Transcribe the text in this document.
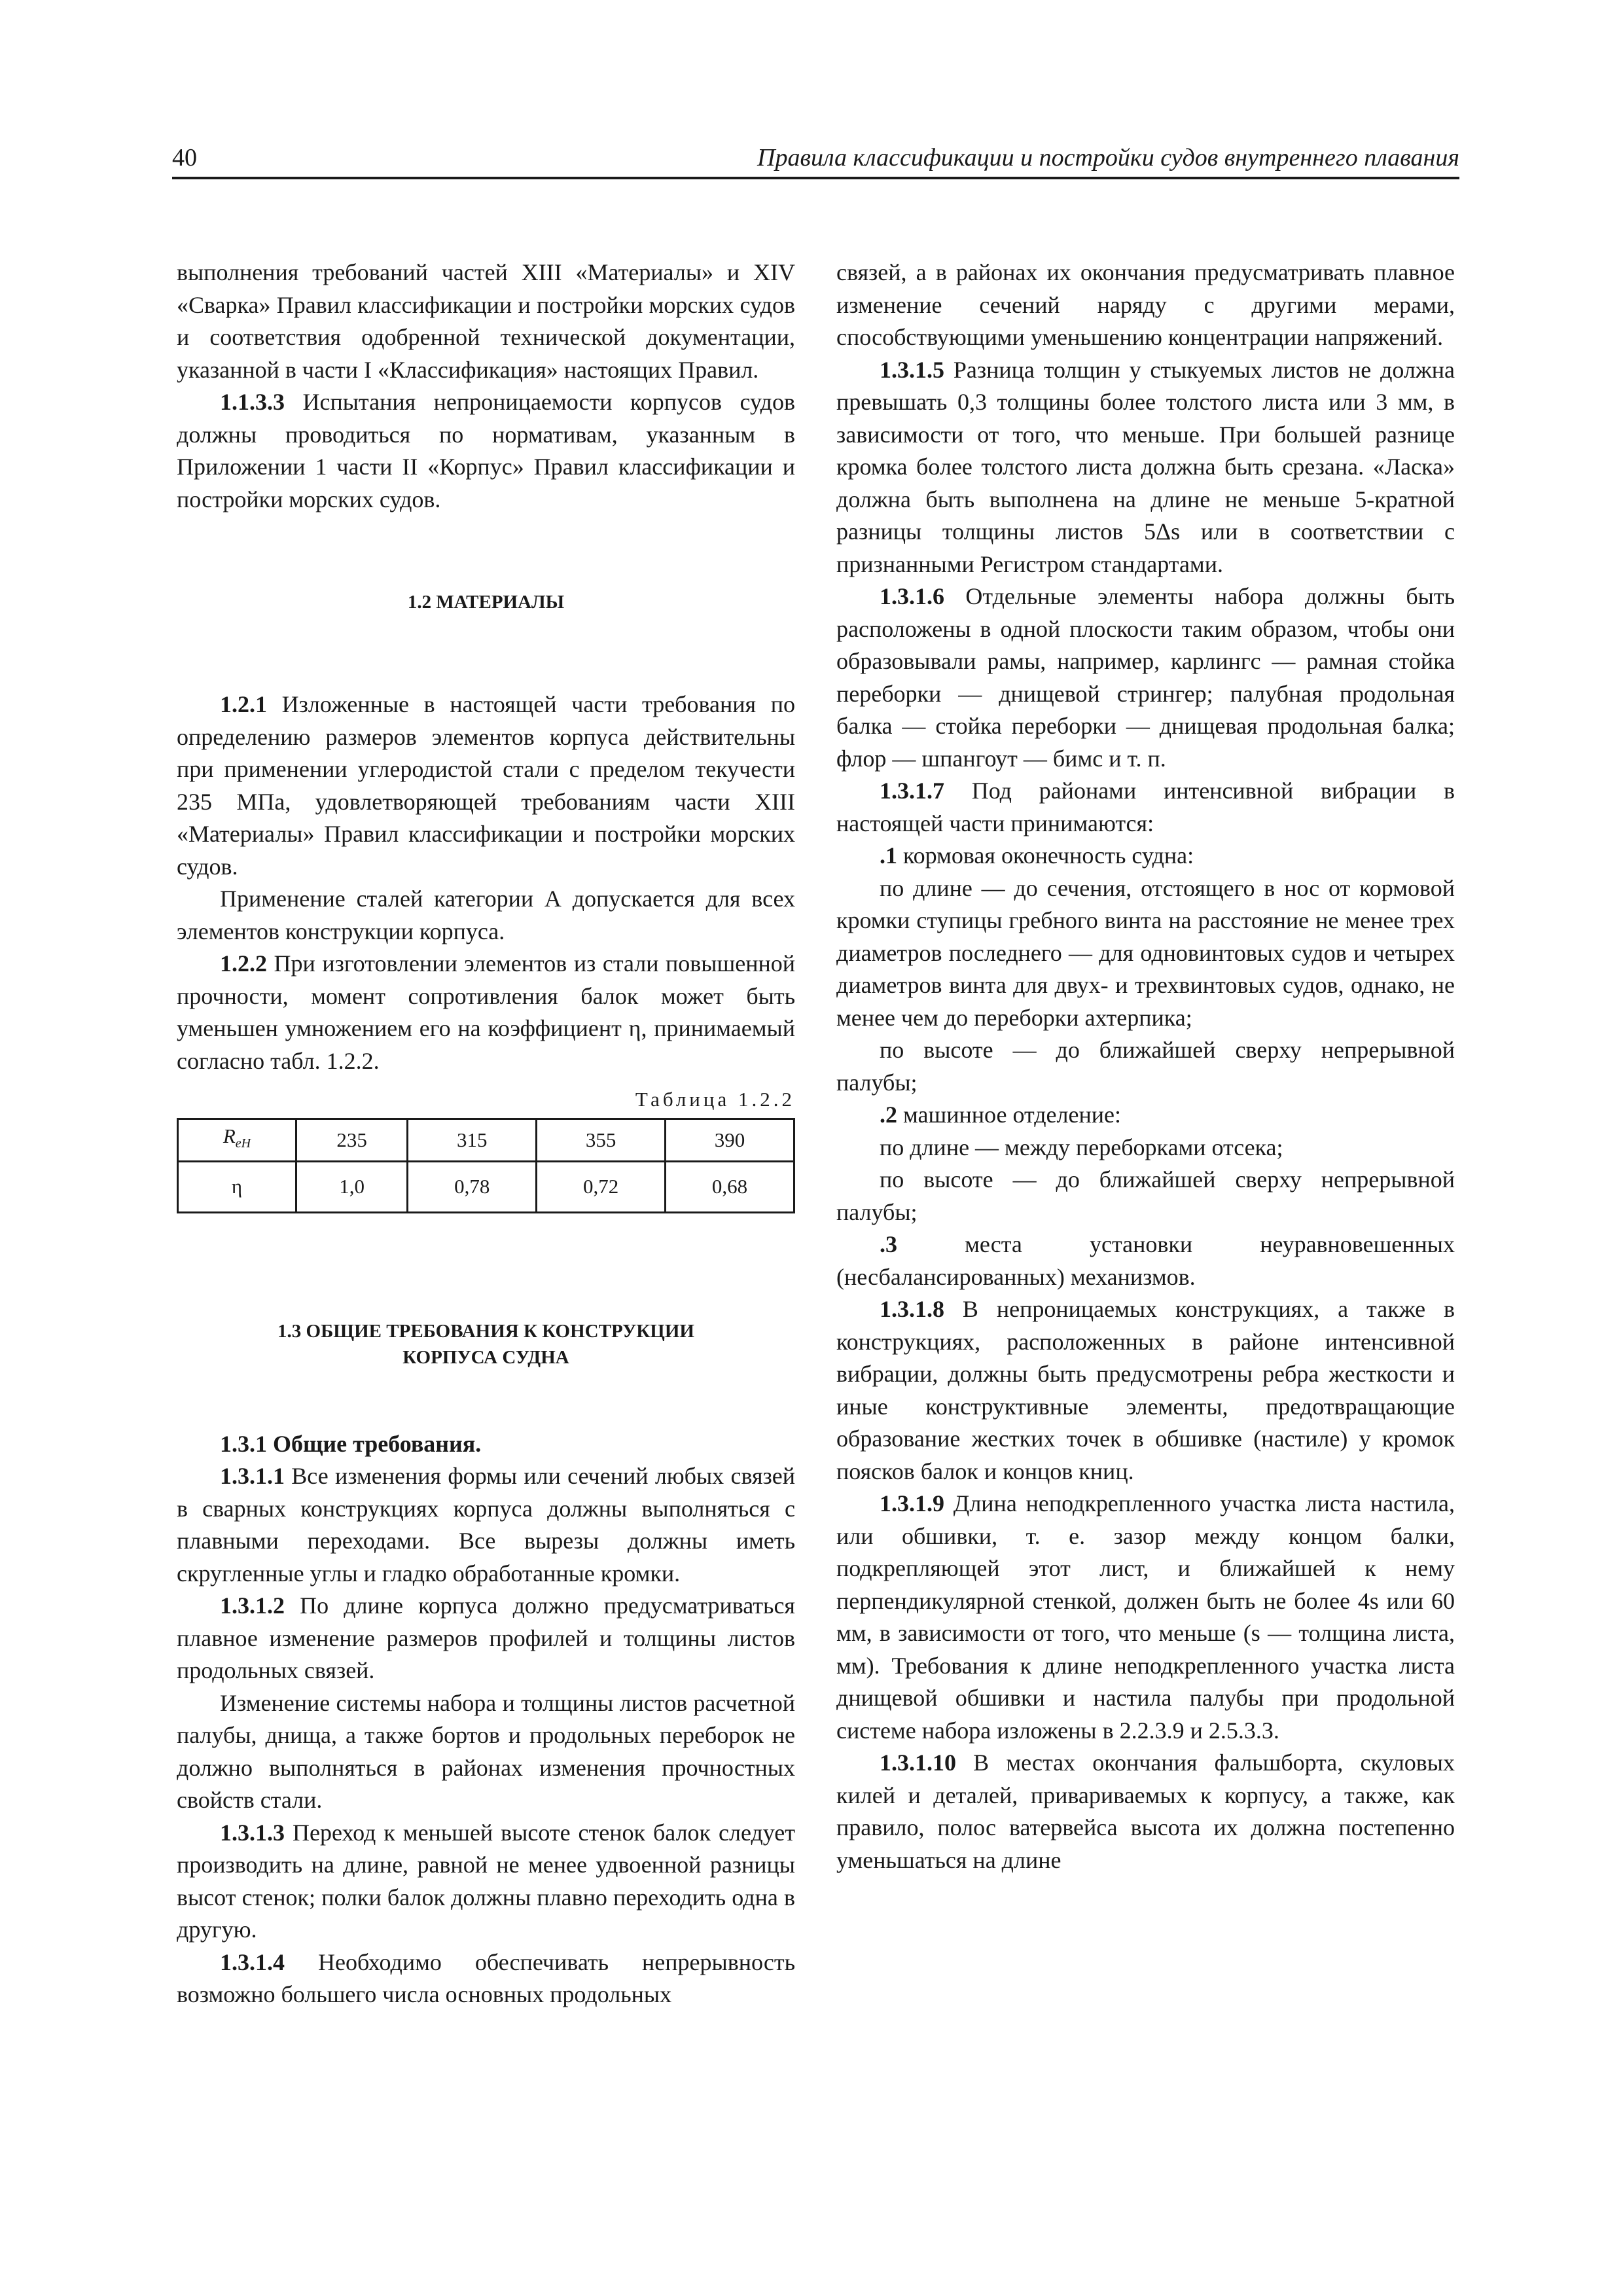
40	Правила классификации и постройки судов внутреннего плавания

выполнения требований частей XIII «Материалы» и XIV «Сварка» Правил классификации и постройки морских судов и соответствия одобренной технической документации, указанной в части I «Классификация» настоящих Правил.

1.1.3.3 Испытания непроницаемости корпусов судов должны проводиться по нормативам, указанным в Приложении 1 части II «Корпус» Правил классификации и постройки морских судов.

1.2 МАТЕРИАЛЫ

1.2.1 Изложенные в настоящей части требования по определению размеров элементов корпуса действительны при применении углеродистой стали с пределом текучести 235 МПа, удовлетворяющей требованиям части XIII «Материалы» Правил классификации и постройки морских судов.

Применение сталей категории А допускается для всех элементов конструкции корпуса.

1.2.2 При изготовлении элементов из стали повышенной прочности, момент сопротивления балок может быть уменьшен умножением его на коэффициент η, принимаемый согласно табл. 1.2.2.

Таблица 1.2.2
$R_{eH}$	235	315	355	390
η	1,0	0,78	0,72	0,68
1.3 ОБЩИЕ ТРЕБОВАНИЯ К КОНСТРУКЦИИ
КОРПУСА СУДНА

1.3.1 Общие требования.

1.3.1.1 Все изменения формы или сечений любых связей в сварных конструкциях корпуса должны выполняться с плавными переходами. Все вырезы должны иметь скругленные углы и гладко обработанные кромки.

1.3.1.2 По длине корпуса должно предусматриваться плавное изменение размеров профилей и толщины листов продольных связей.

Изменение системы набора и толщины листов расчетной палубы, днища, а также бортов и продольных переборок не должно выполняться в районах изменения прочностных свойств стали.

1.3.1.3 Переход к меньшей высоте стенок балок следует производить на длине, равной не менее удвоенной разницы высот стенок; полки балок должны плавно переходить одна в другую.

1.3.1.4 Необходимо обеспечивать непрерывность возможно большего числа основных продольных

связей, а в районах их окончания предусматривать плавное изменение сечений наряду с другими мерами, способствующими уменьшению концентрации напряжений.

1.3.1.5 Разница толщин у стыкуемых листов не должна превышать 0,3 толщины более толстого листа или 3 мм, в зависимости от того, что меньше. При большей разнице кромка более толстого листа должна быть срезана. «Ласка» должна быть выполнена на длине не меньше 5-кратной разницы толщины листов 5Δs или в соответствии с признанными Регистром стандартами.

1.3.1.6 Отдельные элементы набора должны быть расположены в одной плоскости таким образом, чтобы они образовывали рамы, например, карлингс — рамная стойка переборки — днищевой стрингер; палубная продольная балка — стойка переборки — днищевая продольная балка; флор — шпангоут — бимс и т. п.

1.3.1.7 Под районами интенсивной вибрации в настоящей части принимаются:

.1 кормовая оконечность судна:

по длине — до сечения, отстоящего в нос от кормовой кромки ступицы гребного винта на расстояние не менее трех диаметров последнего — для одновинтовых судов и четырех диаметров винта для двух- и трехвинтовых судов, однако, не менее чем до переборки ахтерпика;

по высоте — до ближайшей сверху непрерывной палубы;

.2 машинное отделение:

по длине — между переборками отсека;

по высоте — до ближайшей сверху непрерывной палубы;

.3 места установки неуравновешенных (несбалансированных) механизмов.

1.3.1.8 В непроницаемых конструкциях, а также в конструкциях, расположенных в районе интенсивной вибрации, должны быть предусмотрены ребра жесткости и иные конструктивные элементы, предотвращающие образование жестких точек в обшивке (настиле) у кромок поясков балок и концов книц.

1.3.1.9 Длина неподкрепленного участка листа настила, или обшивки, т. е. зазор между концом балки, подкрепляющей этот лист, и ближайшей к нему перпендикулярной стенкой, должен быть не более 4s или 60 мм, в зависимости от того, что меньше (s — толщина листа, мм). Требования к длине неподкрепленного участка листа днищевой обшивки и настила палубы при продольной системе набора изложены в 2.2.3.9 и 2.5.3.3.

1.3.1.10 В местах окончания фальшборта, скуловых килей и деталей, привариваемых к корпусу, а также, как правило, полос ватервейса высота их должна постепенно уменьшаться на длине
